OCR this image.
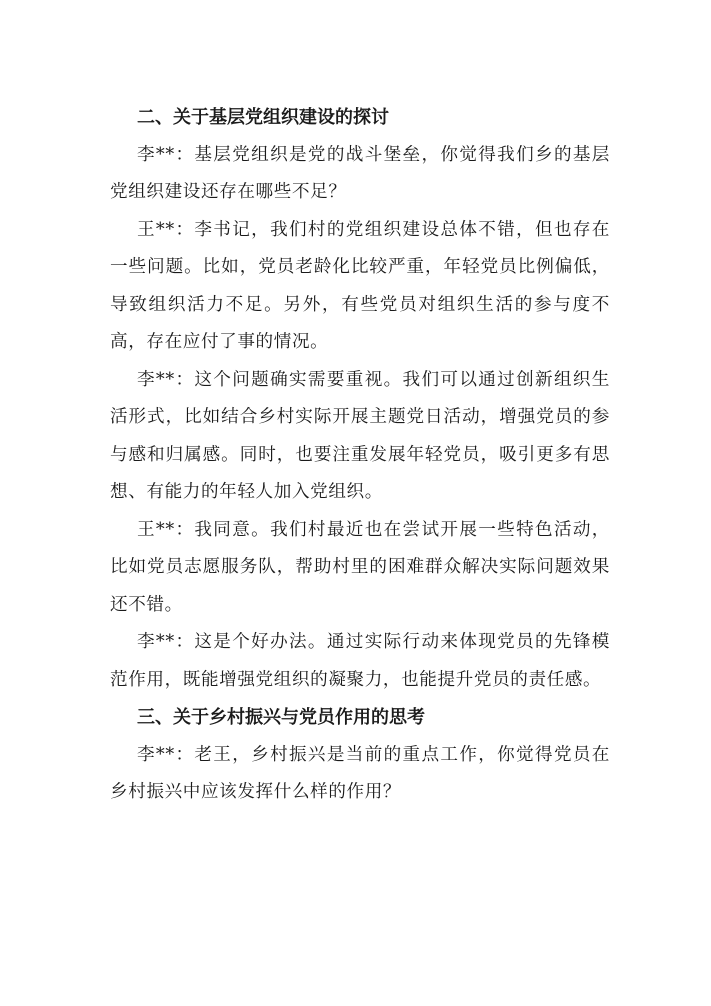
二、关于基层党组织建设的探讨

李**：基层党组织是党的战斗堡垒，你觉得我们乡的基层党组织建设还存在哪些不足？

王**：李书记，我们村的党组织建设总体不错，但也存在一些问题。比如，党员老龄化比较严重，年轻党员比例偏低，导致组织活力不足。另外，有些党员对组织生活的参与度不高，存在应付了事的情况。

李**：这个问题确实需要重视。我们可以通过创新组织生活形式，比如结合乡村实际开展主题党日活动，增强党员的参与感和归属感。同时，也要注重发展年轻党员，吸引更多有思想、有能力的年轻人加入党组织。

王**：我同意。我们村最近也在尝试开展一些特色活动，比如党员志愿服务队，帮助村里的困难群众解决实际问题效果还不错。

李**：这是个好办法。通过实际行动来体现党员的先锋模范作用，既能增强党组织的凝聚力，也能提升党员的责任感。

三、关于乡村振兴与党员作用的思考

李**：老王，乡村振兴是当前的重点工作，你觉得党员在乡村振兴中应该发挥什么样的作用？
